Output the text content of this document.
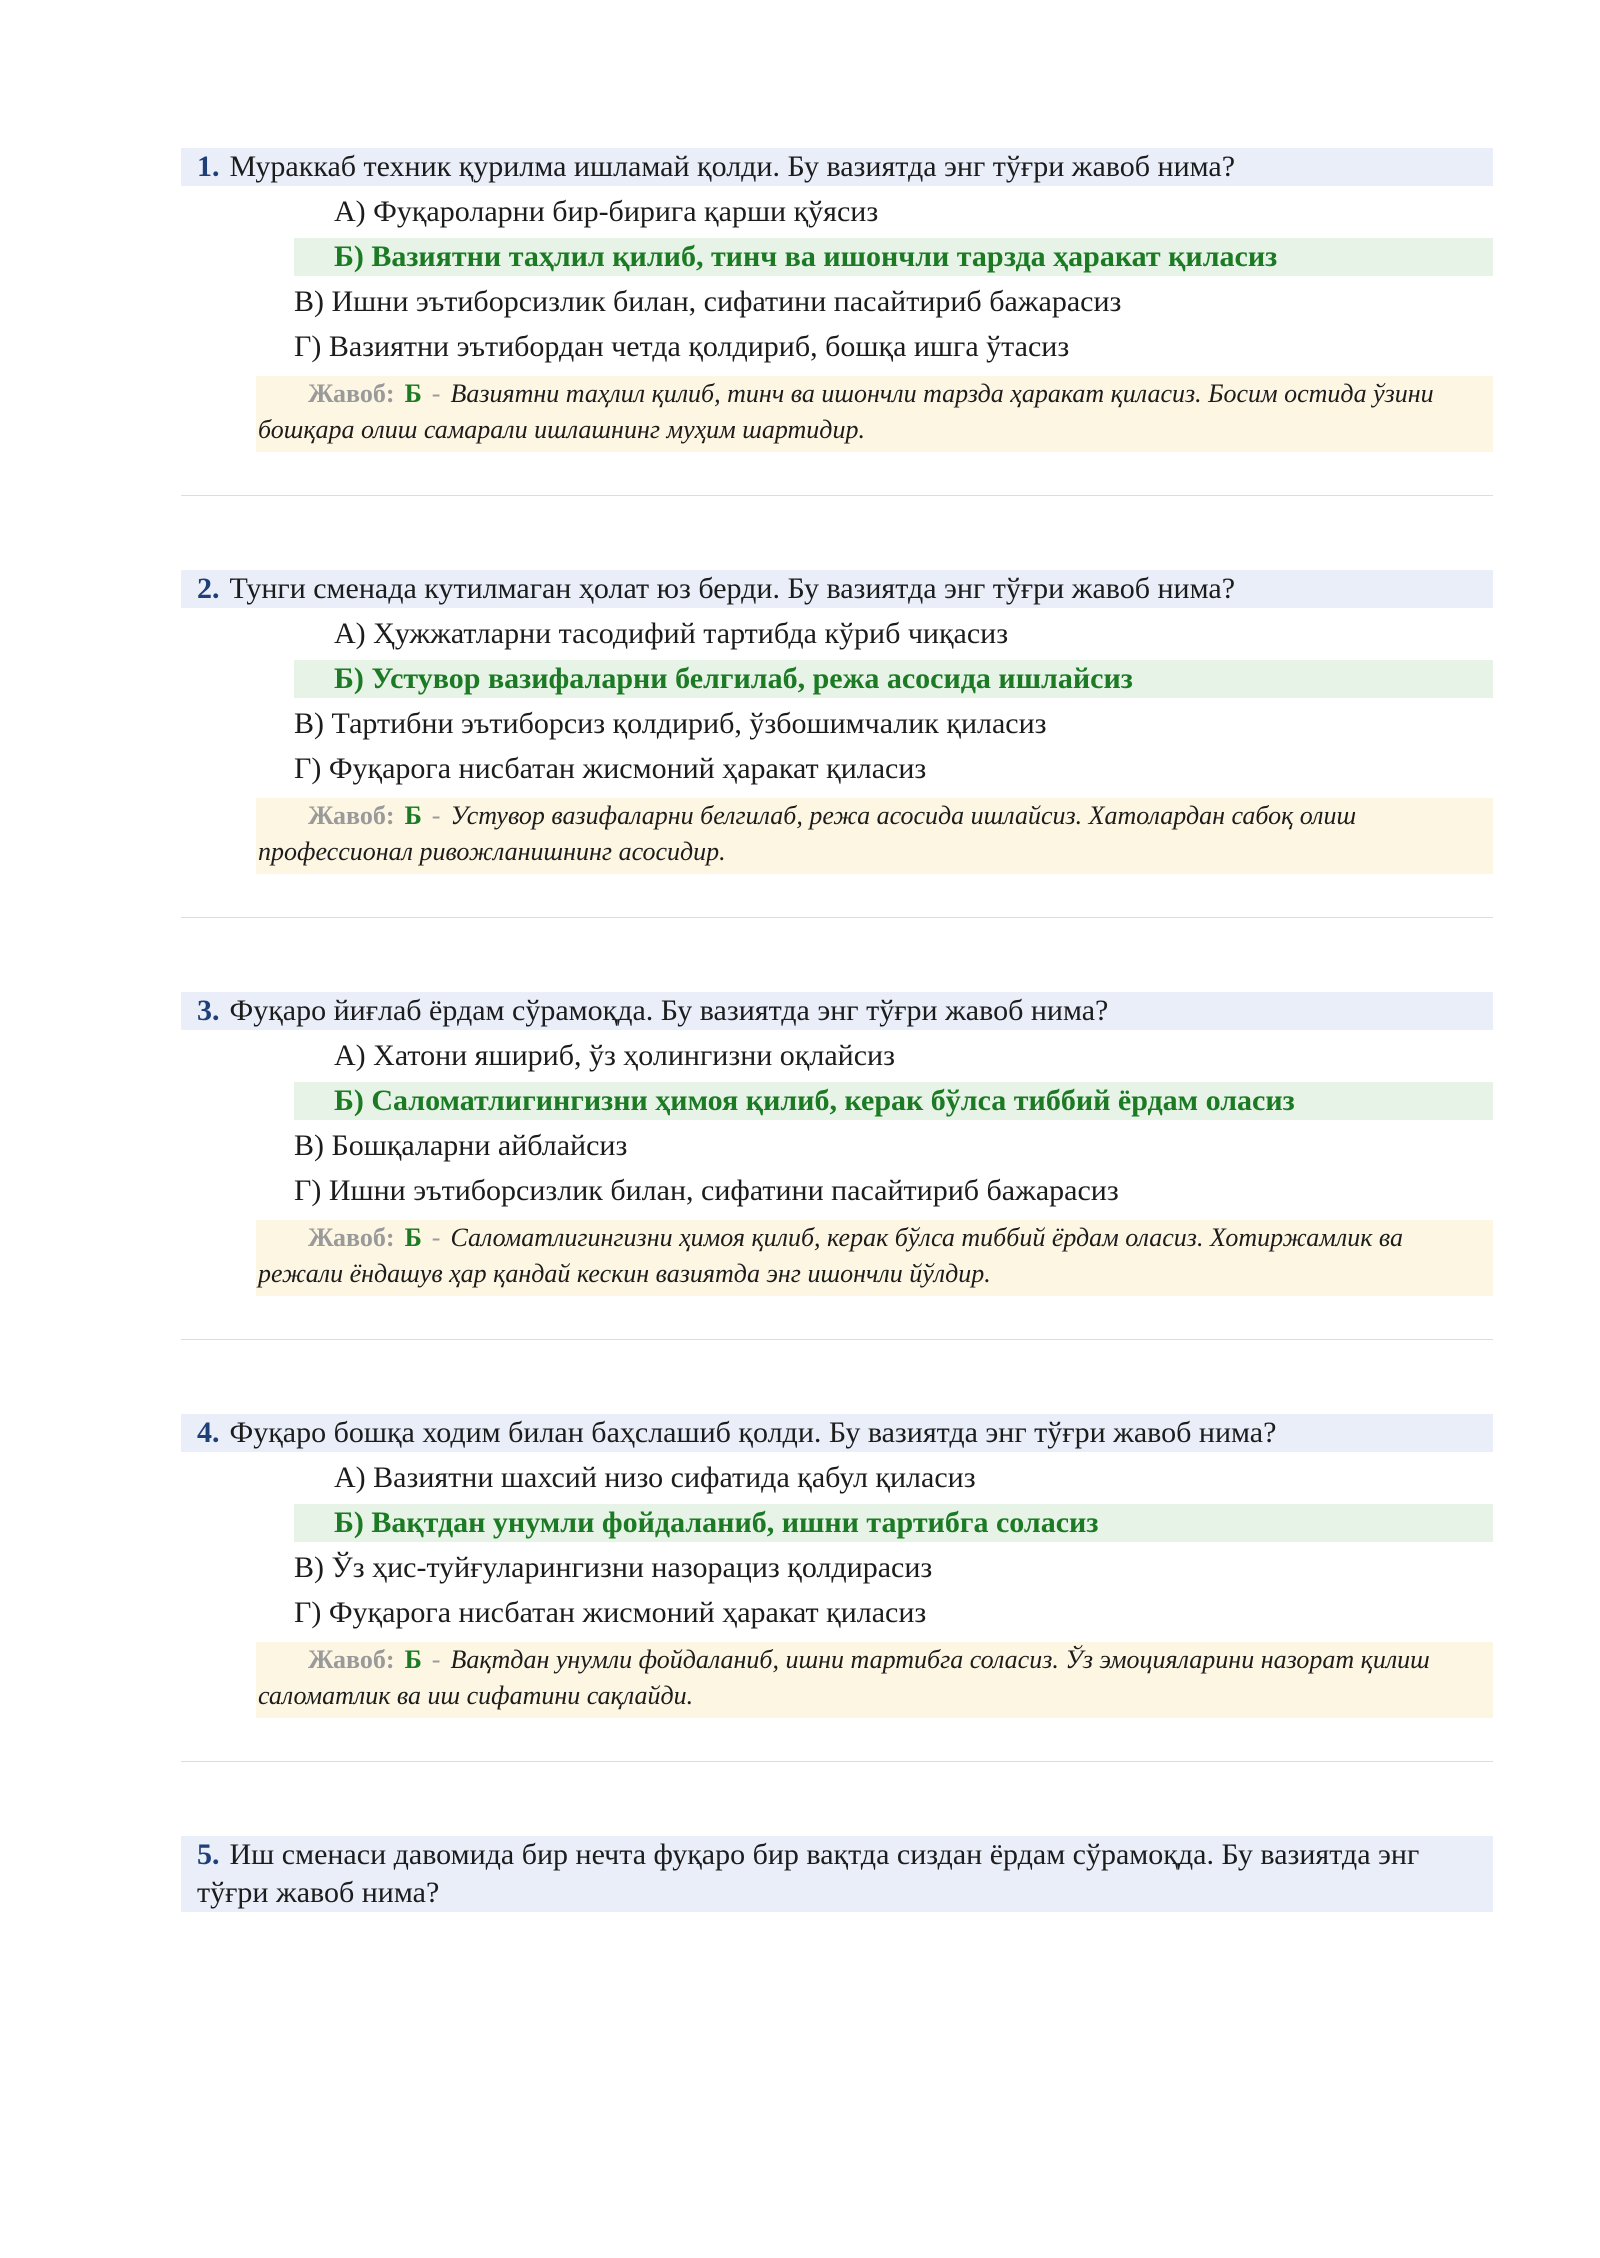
1. Мураккаб техник қурилма ишламай қолди. Бу вазиятда энг тўғри жавоб нима?
А) Фуқароларни бир-бирига қарши қўясиз
Б) Вазиятни таҳлил қилиб, тинч ва ишончли тарзда ҳаракат қиласиз
В) Ишни эътиборсизлик билан, сифатини пасайтириб бажарасиз
Г) Вазиятни эътибордан четда қолдириб, бошқа ишга ўтасиз
Жавоб: Б - Вазиятни таҳлил қилиб, тинч ва ишончли тарзда ҳаракат қиласиз. Босим остида ўзини бошқара олиш самарали ишлашнинг муҳим шартидир.
2. Тунги сменада кутилмаган ҳолат юз берди. Бу вазиятда энг тўғри жавоб нима?
А) Ҳужжатларни тасодифий тартибда кўриб чиқасиз
Б) Устувор вазифаларни белгилаб, режа асосида ишлайсиз
В) Тартибни эътиборсиз қолдириб, ўзбошимчалик қиласиз
Г) Фуқарога нисбатан жисмоний ҳаракат қиласиз
Жавоб: Б - Устувор вазифаларни белгилаб, режа асосида ишлайсиз. Хатолардан сабоқ олиш профессионал ривожланишнинг асосидир.
3. Фуқаро йиғлаб ёрдам сўрамоқда. Бу вазиятда энг тўғри жавоб нима?
А) Хатони яшириб, ўз ҳолингизни оқлайсиз
Б) Саломатлигингизни ҳимоя қилиб, керак бўлса тиббий ёрдам оласиз
В) Бошқаларни айблайсиз
Г) Ишни эътиборсизлик билан, сифатини пасайтириб бажарасиз
Жавоб: Б - Саломатлигингизни ҳимоя қилиб, керак бўлса тиббий ёрдам оласиз. Хотиржамлик ва режали ёндашув ҳар қандай кескин вазиятда энг ишончли йўлдир.
4. Фуқаро бошқа ходим билан баҳслашиб қолди. Бу вазиятда энг тўғри жавоб нима?
А) Вазиятни шахсий низо сифатида қабул қиласиз
Б) Вақтдан унумли фойдаланиб, ишни тартибга соласиз
В) Ўз ҳис-туйғуларингизни назорациз қолдирасиз
Г) Фуқарога нисбатан жисмоний ҳаракат қиласиз
Жавоб: Б - Вақтдан унумли фойдаланиб, ишни тартибга соласиз. Ўз эмоцияларини назорат қилиш саломатлик ва иш сифатини сақлайди.
5. Иш сменаси давомида бир нечта фуқаро бир вақтда сиздан ёрдам сўрамоқда. Бу вазиятда энг тўғри жавоб нима?
